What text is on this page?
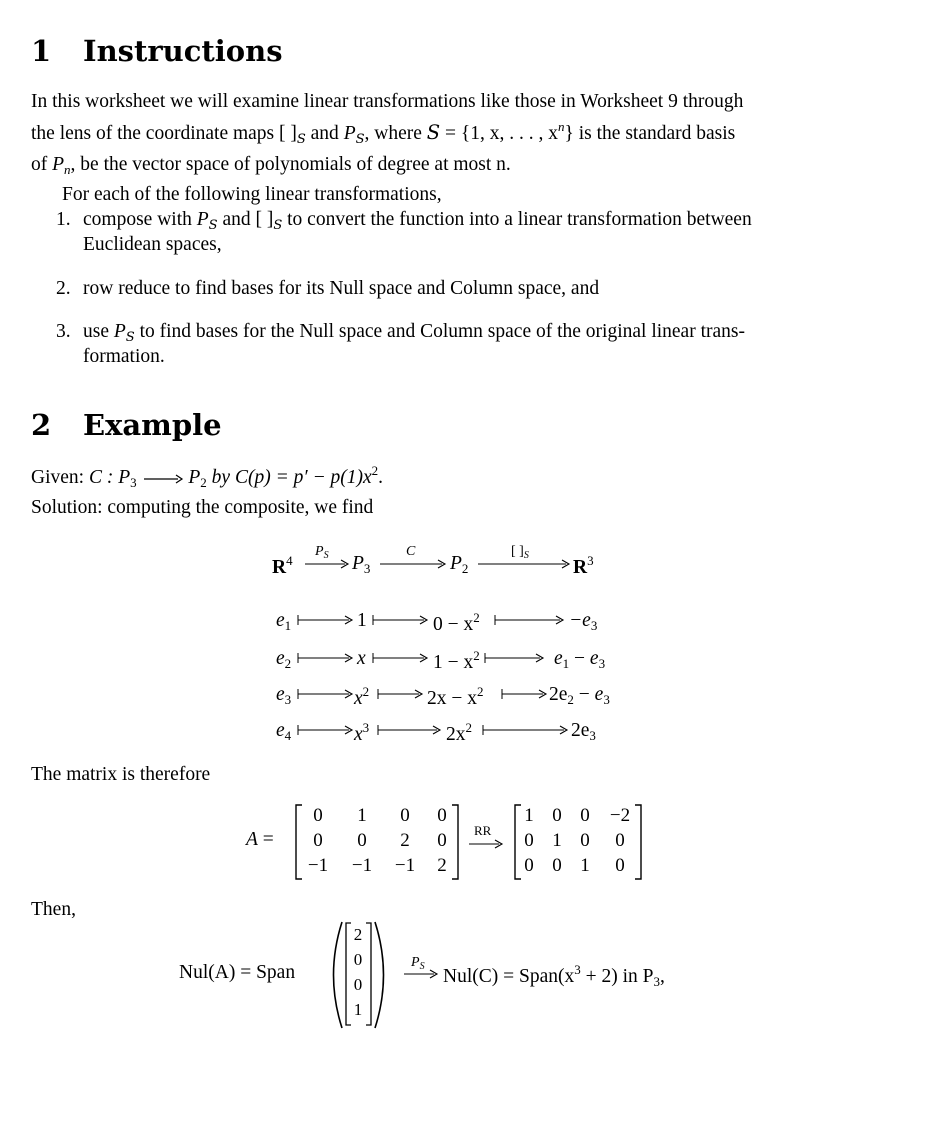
1 Instructions
In this worksheet we will examine linear transformations like those in Worksheet 9 through
the lens of the coordinate maps [ ]$_S$ and $P_S$, where S = {1, x, . . . , $x^n$} is the standard basis
of $P_n$, be the vector space of polynomials of degree at most n.
For each of the following linear transformations,
1. compose with $P_S$ and [ ]$_S$ to convert the function into a linear transformation between
Euclidean spaces,
2. row reduce to find bases for its Null space and Column space, and
3. use $P_S$ to find bases for the Null space and Column space of the original linear trans-
formation.
2 Example
Given: C : $P_3$  $P_2$ by $C(p) = p' - p(1)x^2$.
Solution: computing the composite, we find
$R^4$
$P_S$ $P_3$
C
$P_2$
[ ]$_S$
$R^3$
$e_1$	1	$0 - x^2$	$-e_3$
$e_2$	x	$1 - x^2$	$e_1 - e_3$
$e_3$	$x^2$	$2x - x^2$	$2e_2 - e_3$
$e_4$	$x^3$	$2x^2$	$2e_3$
The matrix is therefore
A =
0	1	0	0
0	0	2	0
−1	−1	−1	2
RR
1 0 0	−2
0 1 0	0
0 0 1	0
Then,
Nul(A) = Span
2
0
0
1
$P_S$ $Nul(C) = Span(x^3 + 2)$ in $P_3$,
